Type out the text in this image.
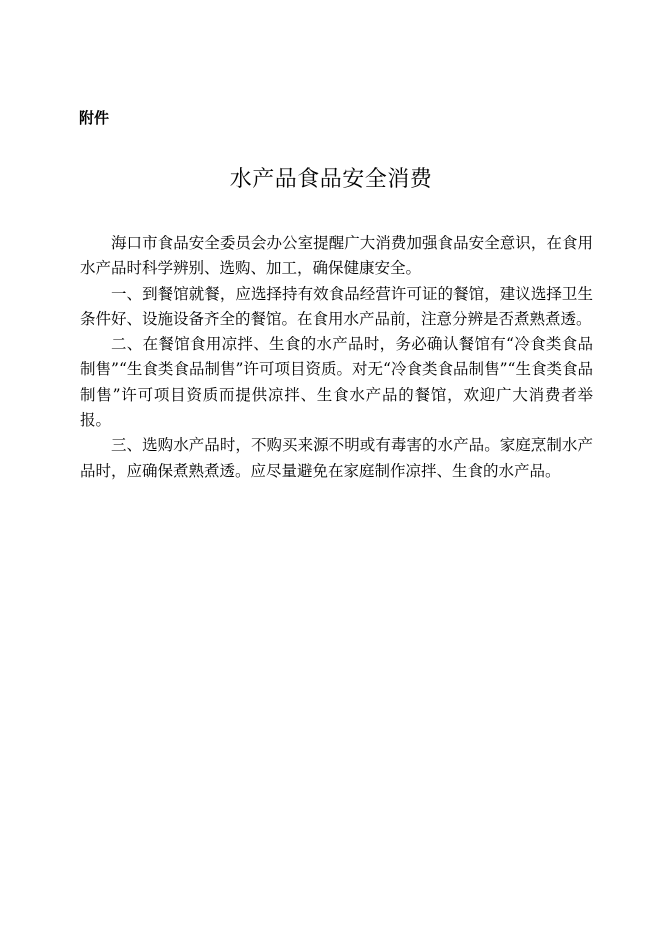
附件
水产品食品安全消费

海口市食品安全委员会办公室提醒广大消费加强食品安全意识，在食用水产品时科学辨别、选购、加工，确保健康安全。

一、到餐馆就餐，应选择持有效食品经营许可证的餐馆，建议选择卫生条件好、设施设备齐全的餐馆。在食用水产品前，注意分辨是否煮熟煮透。

二、在餐馆食用凉拌、生食的水产品时，务必确认餐馆有“冷食类食品制售”“生食类食品制售”许可项目资质。对无“冷食类食品制售”“生食类食品制售”许可项目资质而提供凉拌、生食水产品的餐馆，欢迎广大消费者举报。

三、选购水产品时，不购买来源不明或有毒害的水产品。家庭烹制水产品时，应确保煮熟煮透。应尽量避免在家庭制作凉拌、生食的水产品。
